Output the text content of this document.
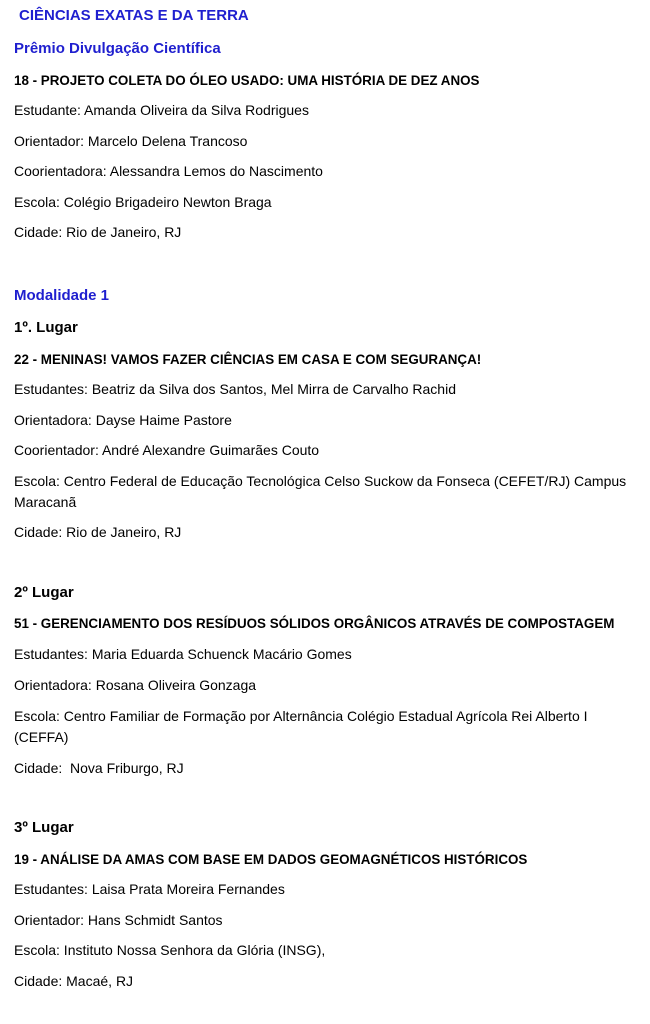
CIÊNCIAS EXATAS E DA TERRA
Prêmio Divulgação Científica
18 - PROJETO COLETA DO ÓLEO USADO: UMA HISTÓRIA DE DEZ ANOS
Estudante: Amanda Oliveira da Silva Rodrigues
Orientador: Marcelo Delena Trancoso
Coorientadora: Alessandra Lemos do Nascimento
Escola: Colégio Brigadeiro Newton Braga
Cidade: Rio de Janeiro, RJ
Modalidade 1
1º. Lugar
22 - MENINAS! VAMOS FAZER CIÊNCIAS EM CASA E COM SEGURANÇA!
Estudantes: Beatriz da Silva dos Santos, Mel Mirra de Carvalho Rachid
Orientadora: Dayse Haime Pastore
Coorientador: André Alexandre Guimarães Couto
Escola: Centro Federal de Educação Tecnológica Celso Suckow da Fonseca (CEFET/RJ) Campus Maracanã
Cidade: Rio de Janeiro, RJ
2º Lugar
51 - GERENCIAMENTO DOS RESÍDUOS SÓLIDOS ORGÂNICOS ATRAVÉS DE COMPOSTAGEM
Estudantes: Maria Eduarda Schuenck Macário Gomes
Orientadora: Rosana Oliveira Gonzaga
Escola: Centro Familiar de Formação por Alternância Colégio Estadual Agrícola Rei Alberto I (CEFFA)
Cidade:  Nova Friburgo, RJ
3º Lugar
19 - ANÁLISE DA AMAS COM BASE EM DADOS GEOMAGNÉTICOS HISTÓRICOS
Estudantes: Laisa Prata Moreira Fernandes
Orientador: Hans Schmidt Santos
Escola: Instituto Nossa Senhora da Glória (INSG),
Cidade: Macaé, RJ
